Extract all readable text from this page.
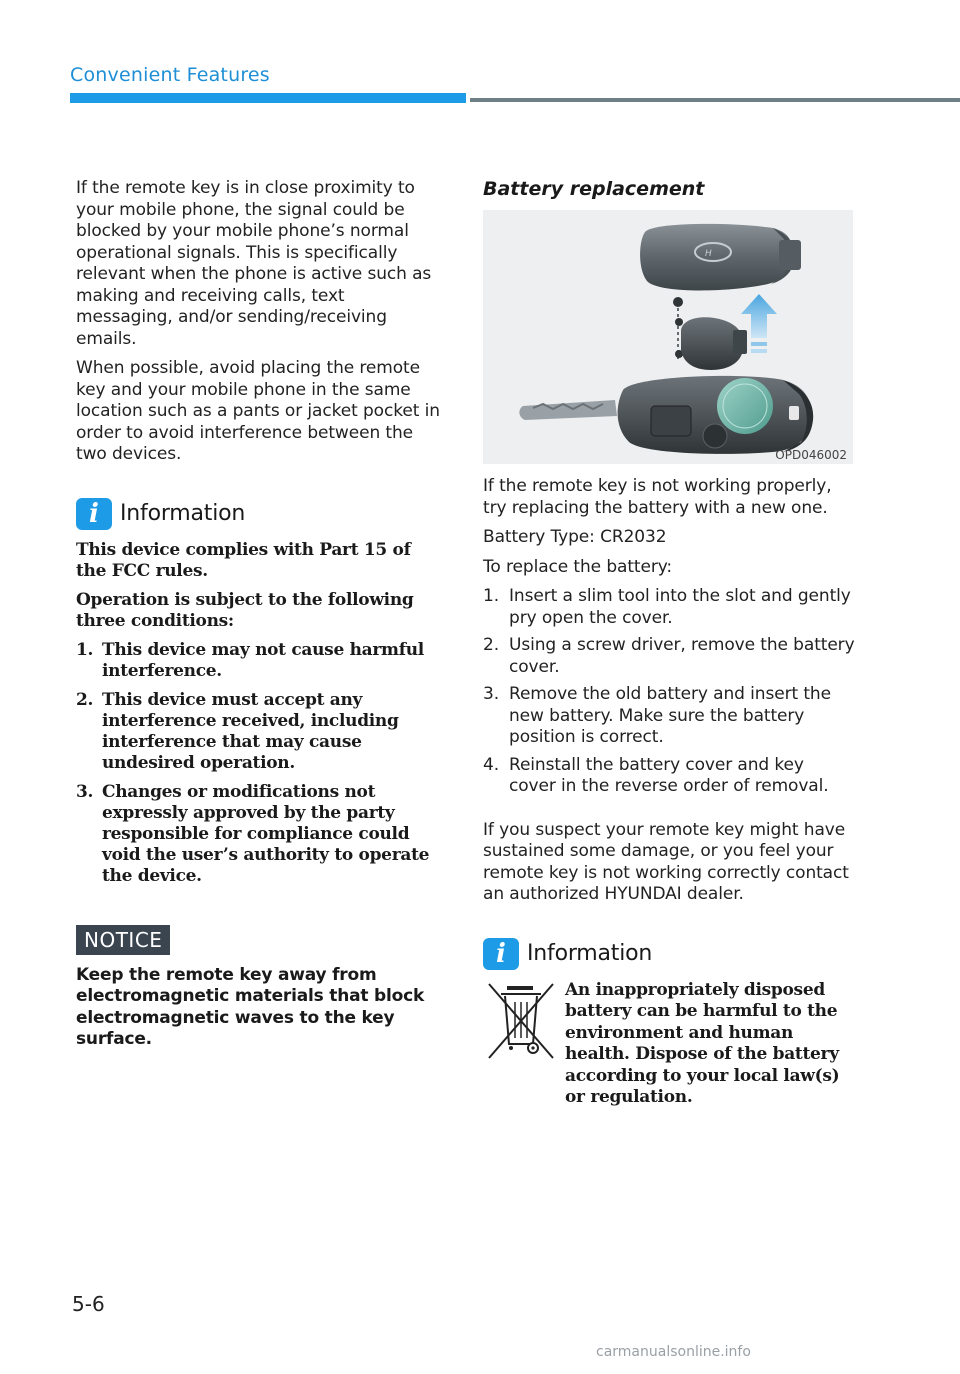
Convenient Features

If the remote key is in close proximity to your mobile phone, the signal could be blocked by your mobile phone’s normal operational signals. This is specifically relevant when the phone is active such as making and receiving calls, text messaging, and/or sending/receiving emails.

When possible, avoid placing the remote key and your mobile phone in the same location such as a pants or jacket pocket in order to avoid interference between the two devices.

i Information

This device complies with Part 15 of the FCC rules.

Operation is subject to the following three conditions:

1. This device may not cause harmful interference.
2. This device must accept any interference received, including interference that may cause undesired operation.
3. Changes or modifications not expressly approved by the party responsible for compliance could void the user’s authority to operate the device.
NOTICE

Keep the remote key away from electromagnetic materials that block electromagnetic waves to the key surface.

Battery replacement
H
OPD046002

If the remote key is not working properly, try replacing the battery with a new one.

Battery Type: CR2032

To replace the battery:

1. Insert a slim tool into the slot and gently pry open the cover.
2. Using a screw driver, remove the battery cover.
3. Remove the old battery and insert the new battery. Make sure the battery position is correct.
4. Reinstall the battery cover and key cover in the reverse order of removal.

If you suspect your remote key might have sustained some damage, or you feel your remote key is not working correctly contact an authorized HYUNDAI dealer.

i Information

An inappropriately disposed battery can be harmful to the environment and human health. Dispose of the battery according to your local law(s) or regulation.

5-6
carmanualsonline.info
